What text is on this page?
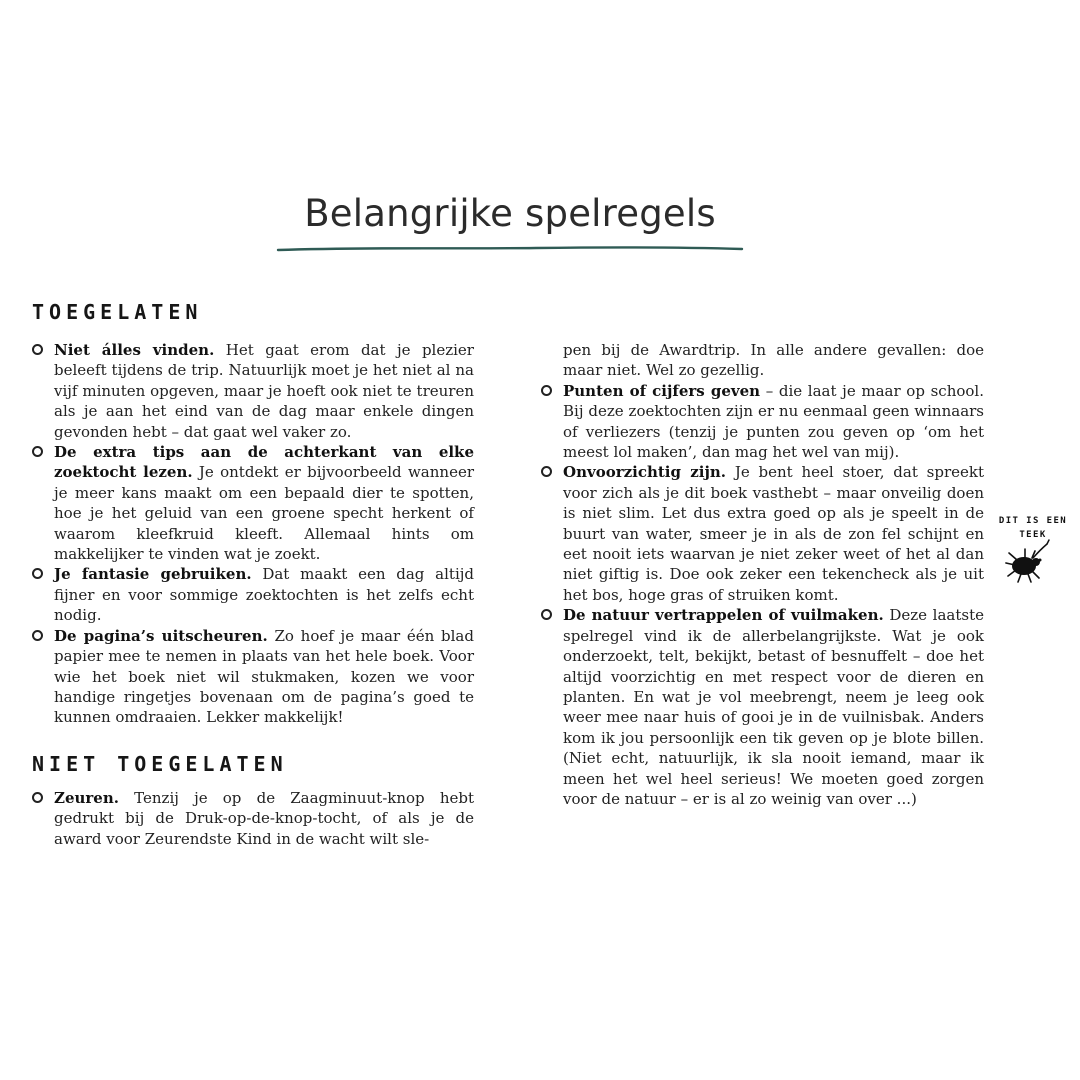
Belangrijke spelregels
TOEGELATEN
Niet álles vinden. Het gaat erom dat je plezier beleeft tijdens de trip. Natuurlijk moet je het niet al na vijf minuten opgeven, maar je hoeft ook niet te treuren als je aan het eind van de dag maar enkele dingen gevonden hebt – dat gaat wel vaker zo.
De extra tips aan de achterkant van elke zoektocht lezen. Je ontdekt er bijvoorbeeld wanneer je meer kans maakt om een bepaald dier te spotten, hoe je het geluid van een groene specht herkent of waarom kleefkruid kleeft. Allemaal hints om makkelijker te vinden wat je zoekt.
Je fantasie gebruiken. Dat maakt een dag altijd fijner en voor sommige zoektochten is het zelfs echt nodig.
De pagina’s uitscheuren. Zo hoef je maar één blad papier mee te nemen in plaats van het hele boek. Voor wie het boek niet wil stukmaken, kozen we voor handige ringetjes bovenaan om de pagina’s goed te kunnen omdraaien. Lekker makkelijk!
NIET TOEGELATEN
Zeuren. Tenzij je op de Zaagminuut-knop hebt gedrukt bij de Druk-op-de-knop-tocht, of als je de award voor Zeurendste Kind in de wacht wilt sle-
pen bij de Awardtrip. In alle andere gevallen: doe maar niet. Wel zo gezellig.
Punten of cijfers geven – die laat je maar op school. Bij deze zoektochten zijn er nu eenmaal geen winnaars of verliezers (tenzij je punten zou geven op ‘om het meest lol maken’, dan mag het wel van mij).
Onvoorzichtig zijn. Je bent heel stoer, dat spreekt voor zich als je dit boek vasthebt – maar onveilig doen is niet slim. Let dus extra goed op als je speelt in de buurt van water, smeer je in als de zon fel schijnt en eet nooit iets waarvan je niet zeker weet of het al dan niet giftig is. Doe ook zeker een tekencheck als je uit het bos, hoge gras of struiken komt.
De natuur vertrappelen of vuilmaken. Deze laatste spelregel vind ik de allerbelangrijkste. Wat je ook onderzoekt, telt, bekijkt, betast of besnuffelt – doe het altijd voorzichtig en met respect voor de dieren en planten. En wat je vol meebrengt, neem je leeg ook weer mee naar huis of gooi je in de vuilnisbak. Anders kom ik jou persoonlijk een tik geven op je blote billen. (Niet echt, natuurlijk, ik sla nooit iemand, maar ik meen het wel heel serieus! We moeten goed zorgen voor de natuur – er is al zo weinig van over ...)
DIT IS EEN
TEEK
